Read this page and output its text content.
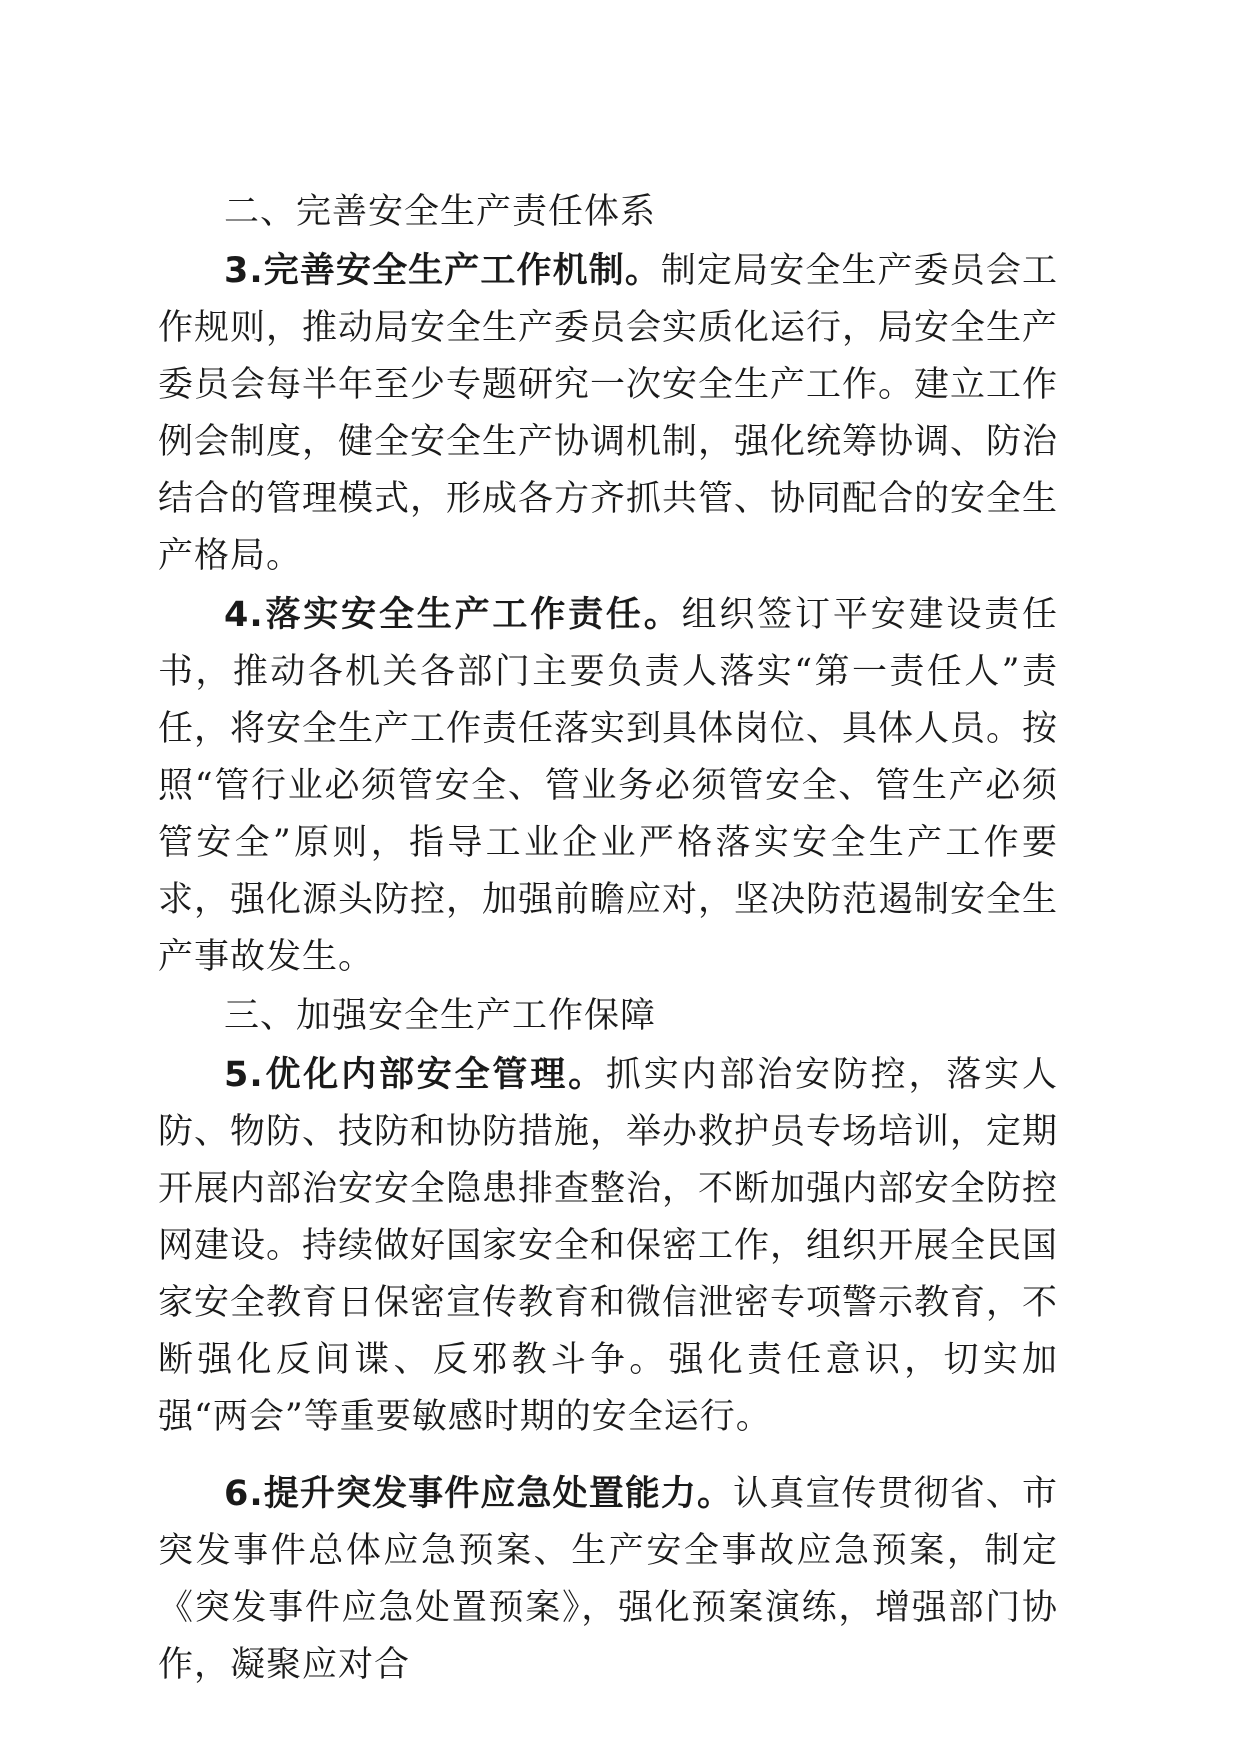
二、完善安全生产责任体系

3.完善安全生产工作机制。制定局安全生产委员会工作规则，推动局安全生产委员会实质化运行，局安全生产委员会每半年至少专题研究一次安全生产工作。建立工作例会制度，健全安全生产协调机制，强化统筹协调、防治结合的管理模式，形成各方齐抓共管、协同配合的安全生产格局。

4.落实安全生产工作责任。组织签订平安建设责任书，推动各机关各部门主要负责人落实“第一责任人”责任，将安全生产工作责任落实到具体岗位、具体人员。按照“管行业必须管安全、管业务必须管安全、管生产必须管安全”原则，指导工业企业严格落实安全生产工作要求，强化源头防控，加强前瞻应对，坚决防范遏制安全生产事故发生。

三、加强安全生产工作保障

5.优化内部安全管理。抓实内部治安防控，落实人防、物防、技防和协防措施，举办救护员专场培训，定期开展内部治安安全隐患排查整治，不断加强内部安全防控网建设。持续做好国家安全和保密工作，组织开展全民国家安全教育日保密宣传教育和微信泄密专项警示教育，不断强化反间谍、反邪教斗争。强化责任意识，切实加强“两会”等重要敏感时期的安全运行。

6.提升突发事件应急处置能力。认真宣传贯彻省、市突发事件总体应急预案、生产安全事故应急预案，制定《突发事件应急处置预案》，强化预案演练，增强部门协作，凝聚应对合
